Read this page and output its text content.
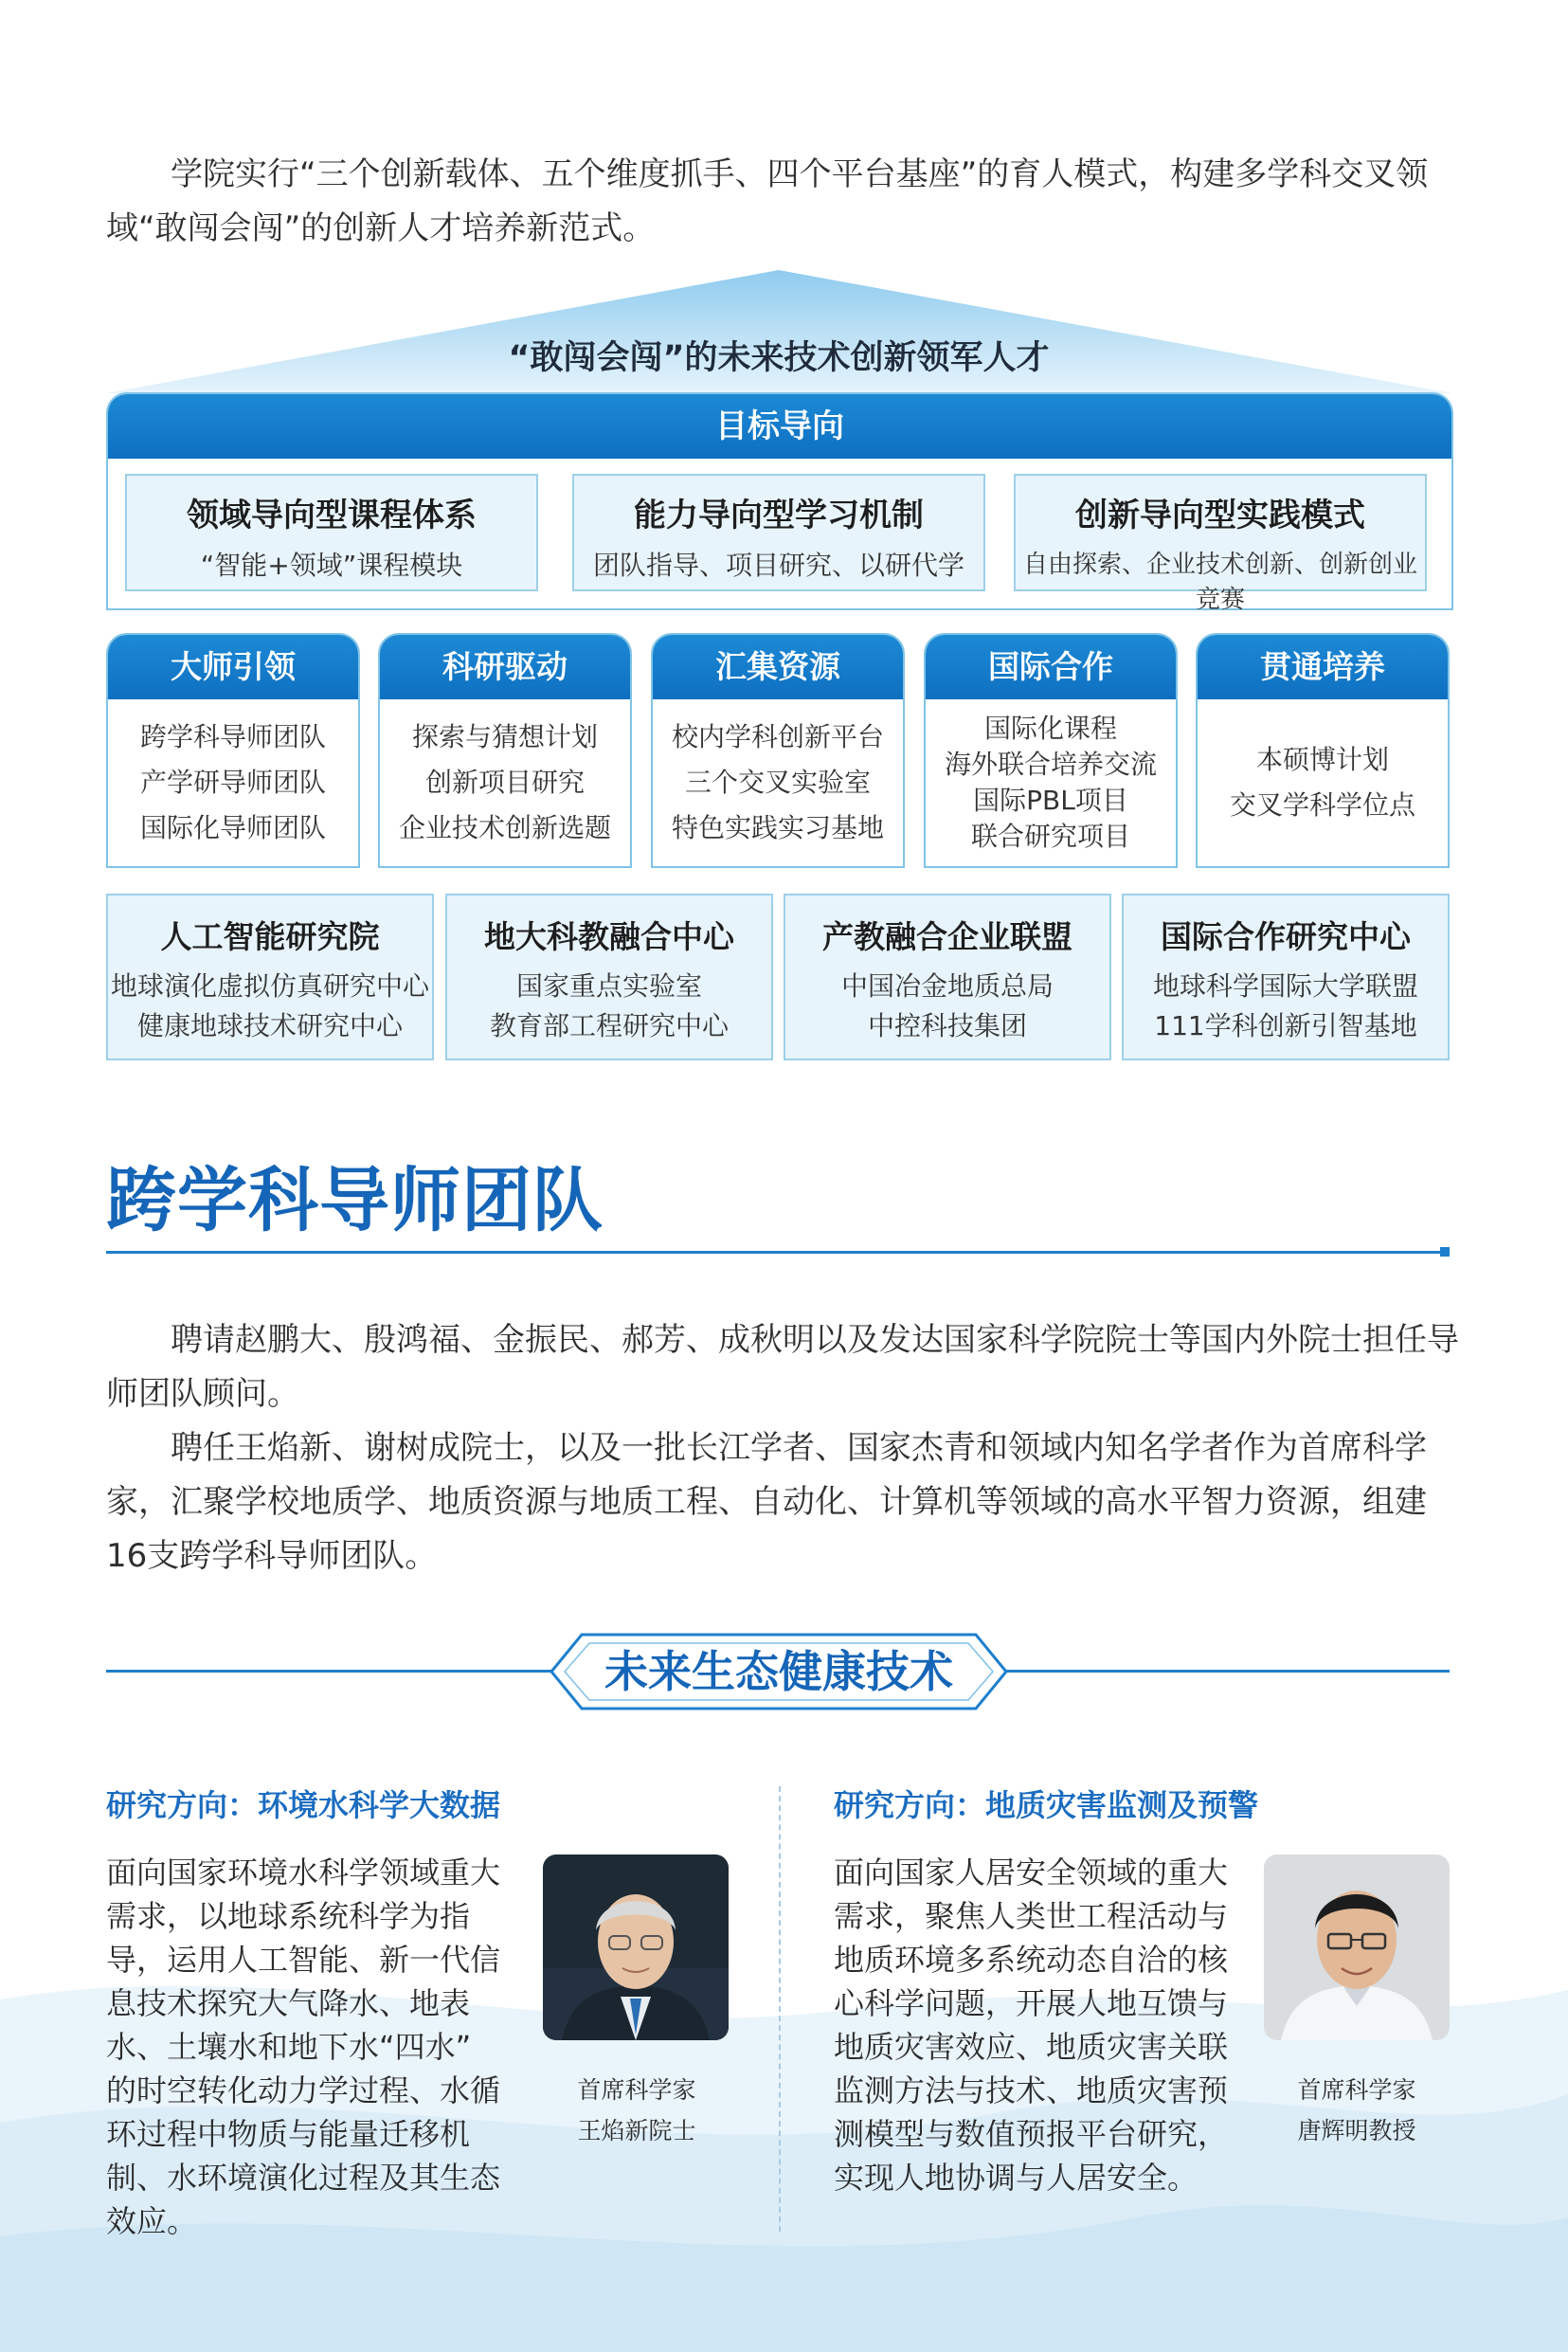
学院实行“三个创新载体、五个维度抓手、四个平台基座”的育人模式，构建多学科交叉领

域“敢闯会闯”的创新人才培养新范式。

“敢闯会闯”的未来技术创新领军人才
目标导向
领域导向型课程体系
“智能+领域”课程模块
能力导向型学习机制
团队指导、项目研究、以研代学
创新导向型实践模式
自由探索、企业技术创新、创新创业竞赛
大师引领
跨学科导师团队
产学研导师团队
国际化导师团队
科研驱动
探索与猜想计划
创新项目研究
企业技术创新选题
汇集资源
校内学科创新平台
三个交叉实验室
特色实践实习基地
国际合作
国际化课程
海外联合培养交流
国际PBL项目
联合研究项目
贯通培养
本硕博计划
交叉学科学位点
人工智能研究院
地球演化虚拟仿真研究中心
健康地球技术研究中心
地大科教融合中心
国家重点实验室
教育部工程研究中心
产教融合企业联盟
中国冶金地质总局
中控科技集团
国际合作研究中心
地球科学国际大学联盟
111学科创新引智基地
跨学科导师团队

聘请赵鹏大、殷鸿福、金振民、郝芳、成秋明以及发达国家科学院院士等国内外院士担任导

师团队顾问。

聘任王焰新、谢树成院士，以及一批长江学者、国家杰青和领域内知名学者作为首席科学

家，汇聚学校地质学、地质资源与地质工程、自动化、计算机等领域的高水平智力资源，组建

16支跨学科导师团队。

未来生态健康技术
研究方向：环境水科学大数据
面向国家环境水科学领域重大
需求，以地球系统科学为指
导，运用人工智能、新一代信
息技术探究大气降水、地表
水、土壤水和地下水“四水”
的时空转化动力学过程、水循
环过程中物质与能量迁移机
制、水环境演化过程及其生态
效应。
首席科学家
王焰新院士
研究方向：地质灾害监测及预警
面向国家人居安全领域的重大
需求，聚焦人类世工程活动与
地质环境多系统动态自洽的核
心科学问题，开展人地互馈与
地质灾害效应、地质灾害关联
监测方法与技术、地质灾害预
测模型与数值预报平台研究，
实现人地协调与人居安全。
首席科学家
唐辉明教授
